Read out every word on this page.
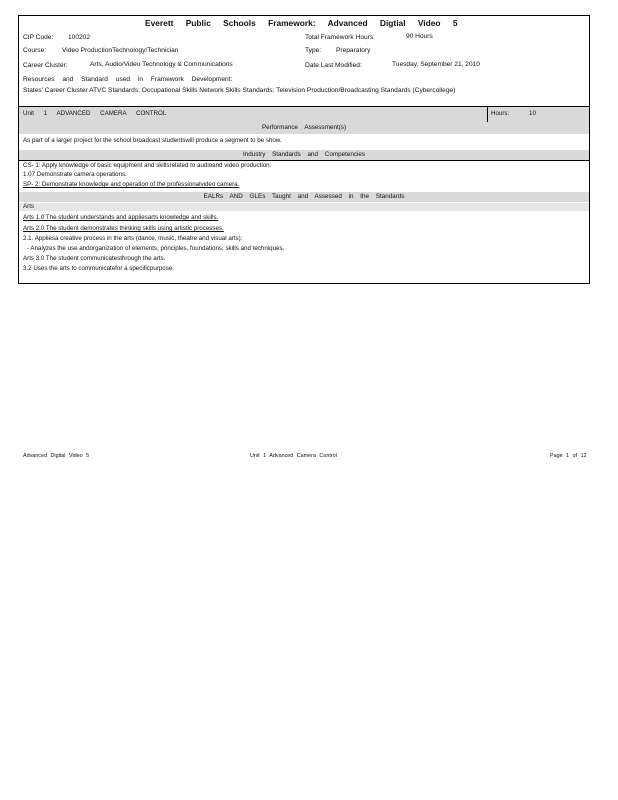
Everett Public Schools Framework: Advanced Digtial Video 5
CIP Code: 100202
Course: Video ProductionTechnology/Technician
Career Cluster:	Arts, Audio/Video Technology & Communications
Total Framework Hours:	90 Hours
Type: Preparatory
Date Last Modified:	Tuesday, September 21, 2010
Resources and Standard used in Framework Development:
States' Career Cluster ATVC Standards; Occupational Skills Network Skills Standards; Television Production/Broadcasting Standards (Cybercollege)
Unit 1 ADVANCED CAMERA CONTROL	Hours:	10
Performance Assessment(s)
As part of a larger project for the school broadcast studentswill produce a segment to be show.
Industry Standards and Competencies
CS- 1: Apply knowledge of basic equipment and skillsrelated to audioand video production.
1.07 Demonstrate camera operations.
SP- 2: Demonstrate knowledge and operation of the professionalvideo camera.
EALRs AND GLEs Taught and Assessed in the Standards
Arts
Arts 1.0 The student understands and appliesarts knowledge and skills.
Arts 2.0 The student demonstrates thinking skills using artistic processes.
2.1. Appliesa creative process in the arts (dance, music, theatre and visual arts):
- Analyzes the use andorganization of elements, principles, foundations, skills and techniques.
Arts 3.0 The student communicatesthrough the arts.
3.2 Uses the arts to communicatefor a specificpurpose.
Advanced Digital Video 5	Unit 1 Advanced Camera Control	Page 1 of 12
